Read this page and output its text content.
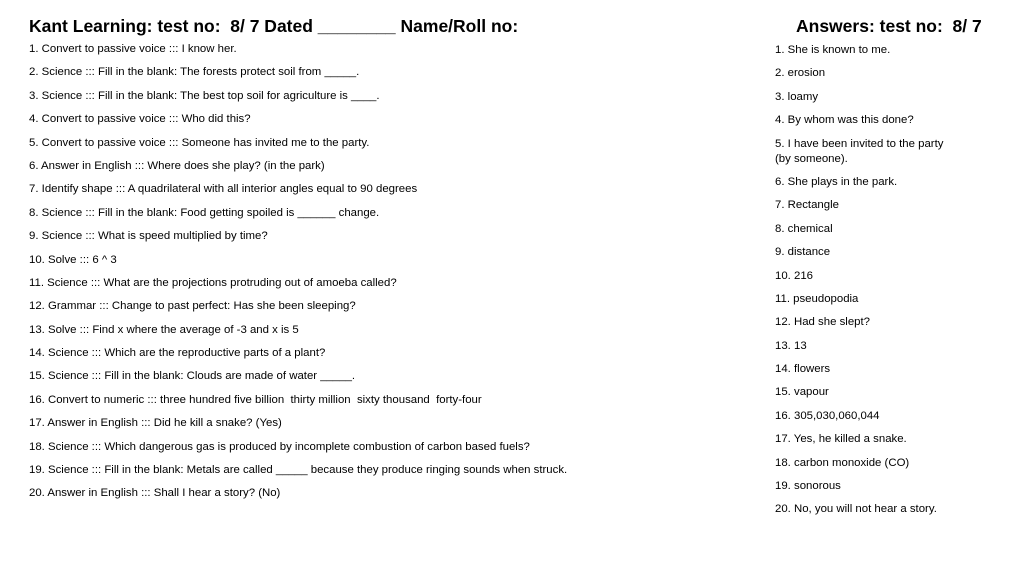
Kant Learning: test no:  8/ 7 Dated ________ Name/Roll no:	Answers: test no:  8/ 7
1. Convert to passive voice ::: I know her.
2. Science ::: Fill in the blank: The forests protect soil from _____.
3. Science ::: Fill in the blank: The best top soil for agriculture is ____.
4. Convert to passive voice ::: Who did this?
5. Convert to passive voice ::: Someone has invited me to the party.
6. Answer in English ::: Where does she play? (in the park)
7. Identify shape ::: A quadrilateral with all interior angles equal to 90 degrees
8. Science ::: Fill in the blank: Food getting spoiled is ______ change.
9. Science ::: What is speed multiplied by time?
10. Solve ::: 6 ^ 3
11. Science ::: What are the projections protruding out of amoeba called?
12. Grammar ::: Change to past perfect: Has she been sleeping?
13. Solve ::: Find x where the average of -3 and x is 5
14. Science ::: Which are the reproductive parts of a plant?
15. Science ::: Fill in the blank: Clouds are made of water _____.
16. Convert to numeric ::: three hundred five billion  thirty million  sixty thousand  forty-four
17. Answer in English ::: Did he kill a snake? (Yes)
18. Science ::: Which dangerous gas is produced by incomplete combustion of carbon based fuels?
19. Science ::: Fill in the blank: Metals are called _____ because they produce ringing sounds when struck.
20. Answer in English ::: Shall I hear a story? (No)
1. She is known to me.
2. erosion
3. loamy
4. By whom was this done?
5. I have been invited to the party
(by someone).
6. She plays in the park.
7. Rectangle
8. chemical
9. distance
10. 216
11. pseudopodia
12. Had she slept?
13. 13
14. flowers
15. vapour
16. 305,030,060,044
17. Yes, he killed a snake.
18. carbon monoxide (CO)
19. sonorous
20. No, you will not hear a story.
